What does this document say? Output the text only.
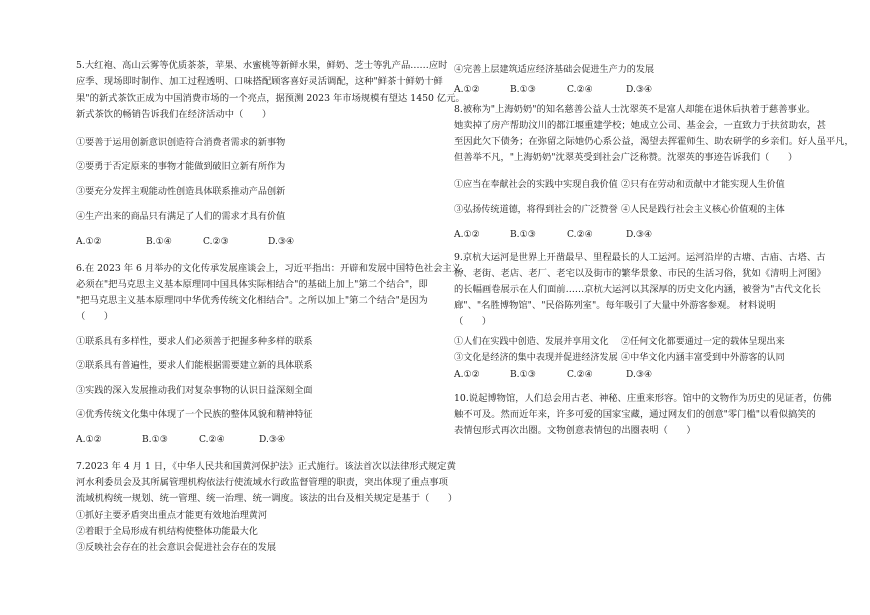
5.大红袍、高山云雾等优质茶茶，苹果、水蜜桃等新鲜水果，鲜奶、芝士等乳产品……应时
应季、现场即时制作、加工过程透明、口味搭配顾客喜好灵活调配，这种"鲜茶十鲜奶十鲜
果"的新式茶饮正成为中国消费市场的一个亮点，据预测 2023 年市场规模有望达 1450 亿元。
新式茶饮的畅销告诉我们在经济活动中（　　）
①要善于运用创新意识创造符合消费者需求的新事物
②要勇于否定原来的事物才能做到破旧立新有所作为
③要充分发挥主观能动性创造具体联系推动产品创新
④生产出来的商品只有满足了人们的需求才具有价值
A.①②	B.①④	C.②③	D.③④
6.在 2023 年 6 月举办的文化传承发展座谈会上，习近平指出：开辟和发展中国特色社会主义，
必须在"把马克思主义基本原理同中国具体实际相结合"的基础上加上"第二个结合"，即
"把马克思主义基本原理同中华优秀传统文化相结合"。之所以加上"第二个结合"是因为
（　　）
①联系具有多样性，要求人们必须善于把握多种多样的联系
②联系具有普遍性，要求人们能根据需要建立新的具体联系
③实践的深入发展推动我们对复杂事物的认识日益深刻全面
④优秀传统文化集中体现了一个民族的整体风貌和精神特征
A.①②	B.①③	C.②④	D.③④
7.2023 年 4 月 1 日，《中华人民共和国黄河保护法》正式施行。该法首次以法律形式规定黄
河水利委员会及其所属管理机构依法行使流域水行政监督管理的职责，突出体现了重点事项
流域机构统一规划、统一管理、统一治理、统一调度。该法的出台及相关规定是基于（　　）
①抓好主要矛盾突出重点才能更有效地治理黄河
②着眼于全局形成有机结构使整体功能最大化
③反映社会存在的社会意识会促进社会存在的发展
④完善上层建筑适应经济基础会促进生产力的发展
A.①②	B.①③	C.②④	D.③④
8.被称为"上海奶奶"的知名慈善公益人士沈翠英不是富人却能在退休后执着于慈善事业。
她卖掉了房产帮助汶川的都江堰重建学校；她成立公司、基金会，一直致力于扶贫助农，甚
至因此欠下债务；在弥留之际她仍心系公益，渴望去挥霍师生、助农研学的乡亲们。好人虽平凡，
但善举不凡，"上海奶奶"沈翠英受到社会广泛称赞。沈翠英的事迹告诉我们（　　）
①应当在奉献社会的实践中实现自我价值 ②只有在劳动和贡献中才能实现人生价值
③弘扬传统道德，将得到社会的广泛赞誉 ④人民是践行社会主义核心价值观的主体
A.①②	B.①③	C.②④	D.③④
9.京杭大运河是世界上开凿最早、里程最长的人工运河。运河沿岸的古塘、古庙、古塔、古
桥、老街、老店、老厂、老宅以及街市的繁华景象、市民的生活习俗，犹如《清明上河图》
的长幅画卷展示在人们面前……京杭大运河以其深厚的历史文化内涵，被誉为"古代文化长
廊"、"名胜博物馆"、"民俗陈列室"。每年吸引了大量中外游客参观。 材料说明
（　　）
①人们在实践中创造、发展并享用文化 ②任何文化都要通过一定的载体呈现出来
③文化是经济的集中表现并促进经济发展 ④中华文化内涵丰富受到中外游客的认同
A.①②	B.①③	C.②④	D.③④
10.说起博物馆，人们总会用古老、神秘、庄重来形容。馆中的文物作为历史的见证者，仿佛
触不可及。然而近年来，许多可爱的国家宝藏，通过网友们的创意"零门槛"以看似搞笑的
表情包形式再次出圈。文物创意表情包的出圈表明（　　）
